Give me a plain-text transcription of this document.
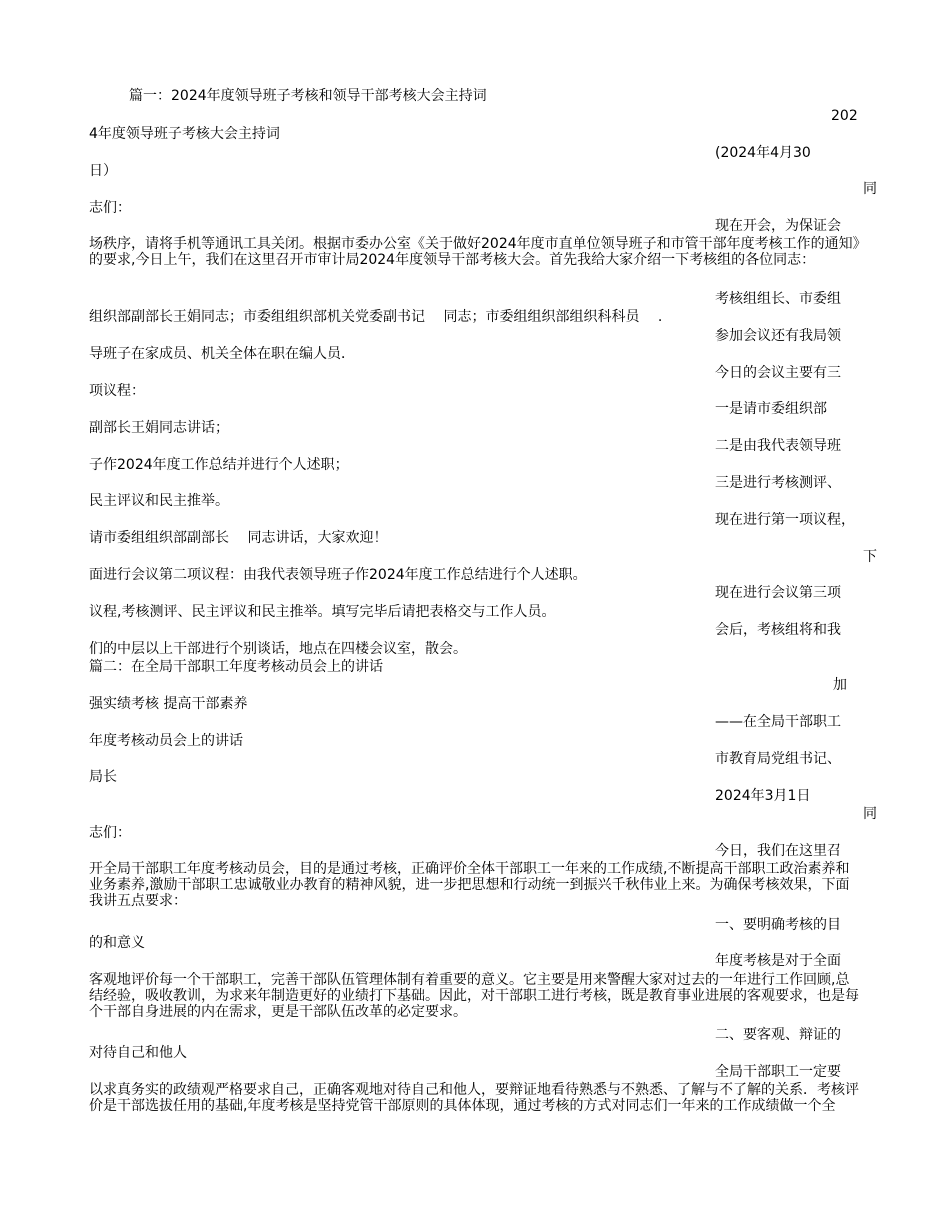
篇一：2024年度领导班子考核和领导干部考核大会主持词

202

4年度领导班子考核大会主持词

(2024年4月30

日）

同

志们：

现在开会，为保证会

场秩序，请将手机等通讯工具关闭。根据市委办公室《关于做好2024年度市直单位领导班子和市管干部年度考核工作的通知》的要求,今日上午，我们在这里召开市审计局2024年度领导干部考核大会。首先我给大家介绍一下考核组的各位同志：

考核组组长、市委组

组织部副部长王娟同志；市委组组织部机关党委副书记　 同志；市委组组织部组织科科员　 .

参加会议还有我局领

导班子在家成员、机关全体在职在编人员．

今日的会议主要有三

项议程：

一是请市委组织部

副部长王娟同志讲话；

二是由我代表领导班

子作2024年度工作总结并进行个人述职；

三是进行考核测评、

民主评议和民主推举。

现在进行第一项议程，

请市委组组织部副部长　 同志讲话，大家欢迎！

下

面进行会议第二项议程：由我代表领导班子作2024年度工作总结进行个人述职。

现在进行会议第三项

议程,考核测评、民主评议和民主推举。填写完毕后请把表格交与工作人员。

会后，考核组将和我

们的中层以上干部进行个别谈话，地点在四楼会议室，散会。

篇二：在全局干部职工年度考核动员会上的讲话

加

强实绩考核 提高干部素养

——在全局干部职工

年度考核动员会上的讲话

市教育局党组书记、

局长

2024年3月1日

同

志们：

今日，我们在这里召

开全局干部职工年度考核动员会，目的是通过考核，正确评价全体干部职工一年来的工作成绩,不断提高干部职工政治素养和业务素养,激励干部职工忠诚敬业办教育的精神风貌，进一步把思想和行动统一到振兴千秋伟业上来。为确保考核效果，下面我讲五点要求：

一、要明确考核的目

的和意义

年度考核是对于全面

客观地评价每一个干部职工，完善干部队伍管理体制有着重要的意义。它主要是用来警醒大家对过去的一年进行工作回顾,总结经验，吸收教训，为求来年制造更好的业绩打下基础。因此，对干部职工进行考核，既是教育事业进展的客观要求，也是每个干部自身进展的内在需求，更是干部队伍改革的必定要求。

二、要客观、辩证的

对待自己和他人

全局干部职工一定要

以求真务实的政绩观严格要求自己，正确客观地对待自己和他人，要辩证地看待熟悉与不熟悉、了解与不了解的关系．考核评价是干部选拔任用的基础,年度考核是坚持党管干部原则的具体体现，通过考核的方式对同志们一年来的工作成绩做一个全
